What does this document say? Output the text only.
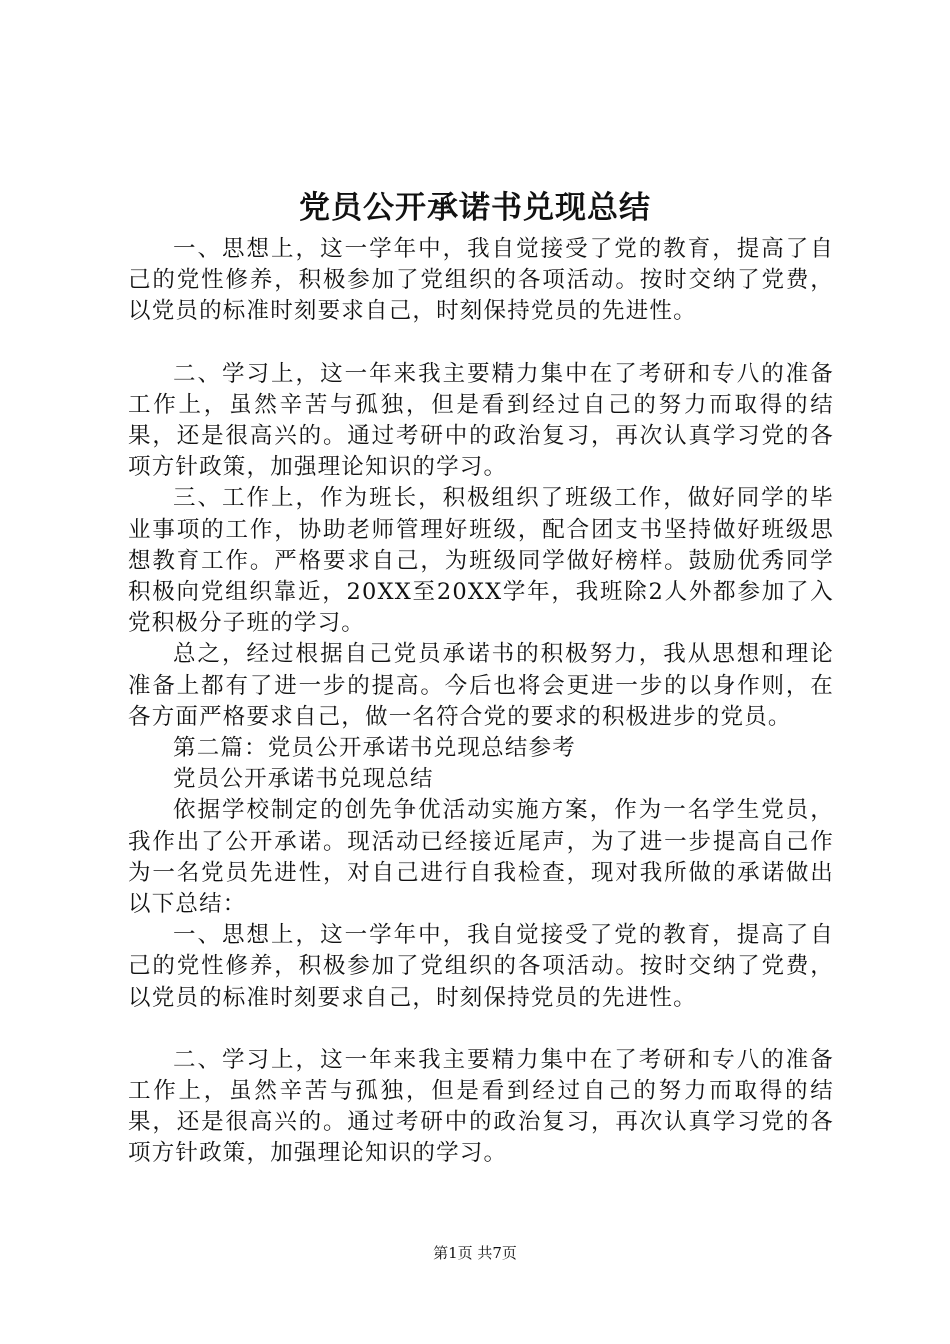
党员公开承诺书兑现总结

一、思想上，这一学年中，我自觉接受了党的教育，提高了自己的党性修养，积极参加了党组织的各项活动。按时交纳了党费，以党员的标准时刻要求自己，时刻保持党员的先进性。

二、学习上，这一年来我主要精力集中在了考研和专八的准备工作上，虽然辛苦与孤独，但是看到经过自己的努力而取得的结果，还是很高兴的。通过考研中的政治复习，再次认真学习党的各项方针政策，加强理论知识的学习。

三、工作上，作为班长，积极组织了班级工作，做好同学的毕业事项的工作，协助老师管理好班级，配合团支书坚持做好班级思想教育工作。严格要求自己，为班级同学做好榜样。鼓励优秀同学积极向党组织靠近，20XX至20XX学年，我班除2人外都参加了入党积极分子班的学习。

总之，经过根据自己党员承诺书的积极努力，我从思想和理论准备上都有了进一步的提高。今后也将会更进一步的以身作则，在各方面严格要求自己，做一名符合党的要求的积极进步的党员。

第二篇：党员公开承诺书兑现总结参考

党员公开承诺书兑现总结

依据学校制定的创先争优活动实施方案，作为一名学生党员，我作出了公开承诺。现活动已经接近尾声，为了进一步提高自己作为一名党员先进性，对自己进行自我检查，现对我所做的承诺做出以下总结：

一、思想上，这一学年中，我自觉接受了党的教育，提高了自己的党性修养，积极参加了党组织的各项活动。按时交纳了党费，以党员的标准时刻要求自己，时刻保持党员的先进性。

二、学习上，这一年来我主要精力集中在了考研和专八的准备工作上，虽然辛苦与孤独，但是看到经过自己的努力而取得的结果，还是很高兴的。通过考研中的政治复习，再次认真学习党的各项方针政策，加强理论知识的学习。

第1页 共7页
